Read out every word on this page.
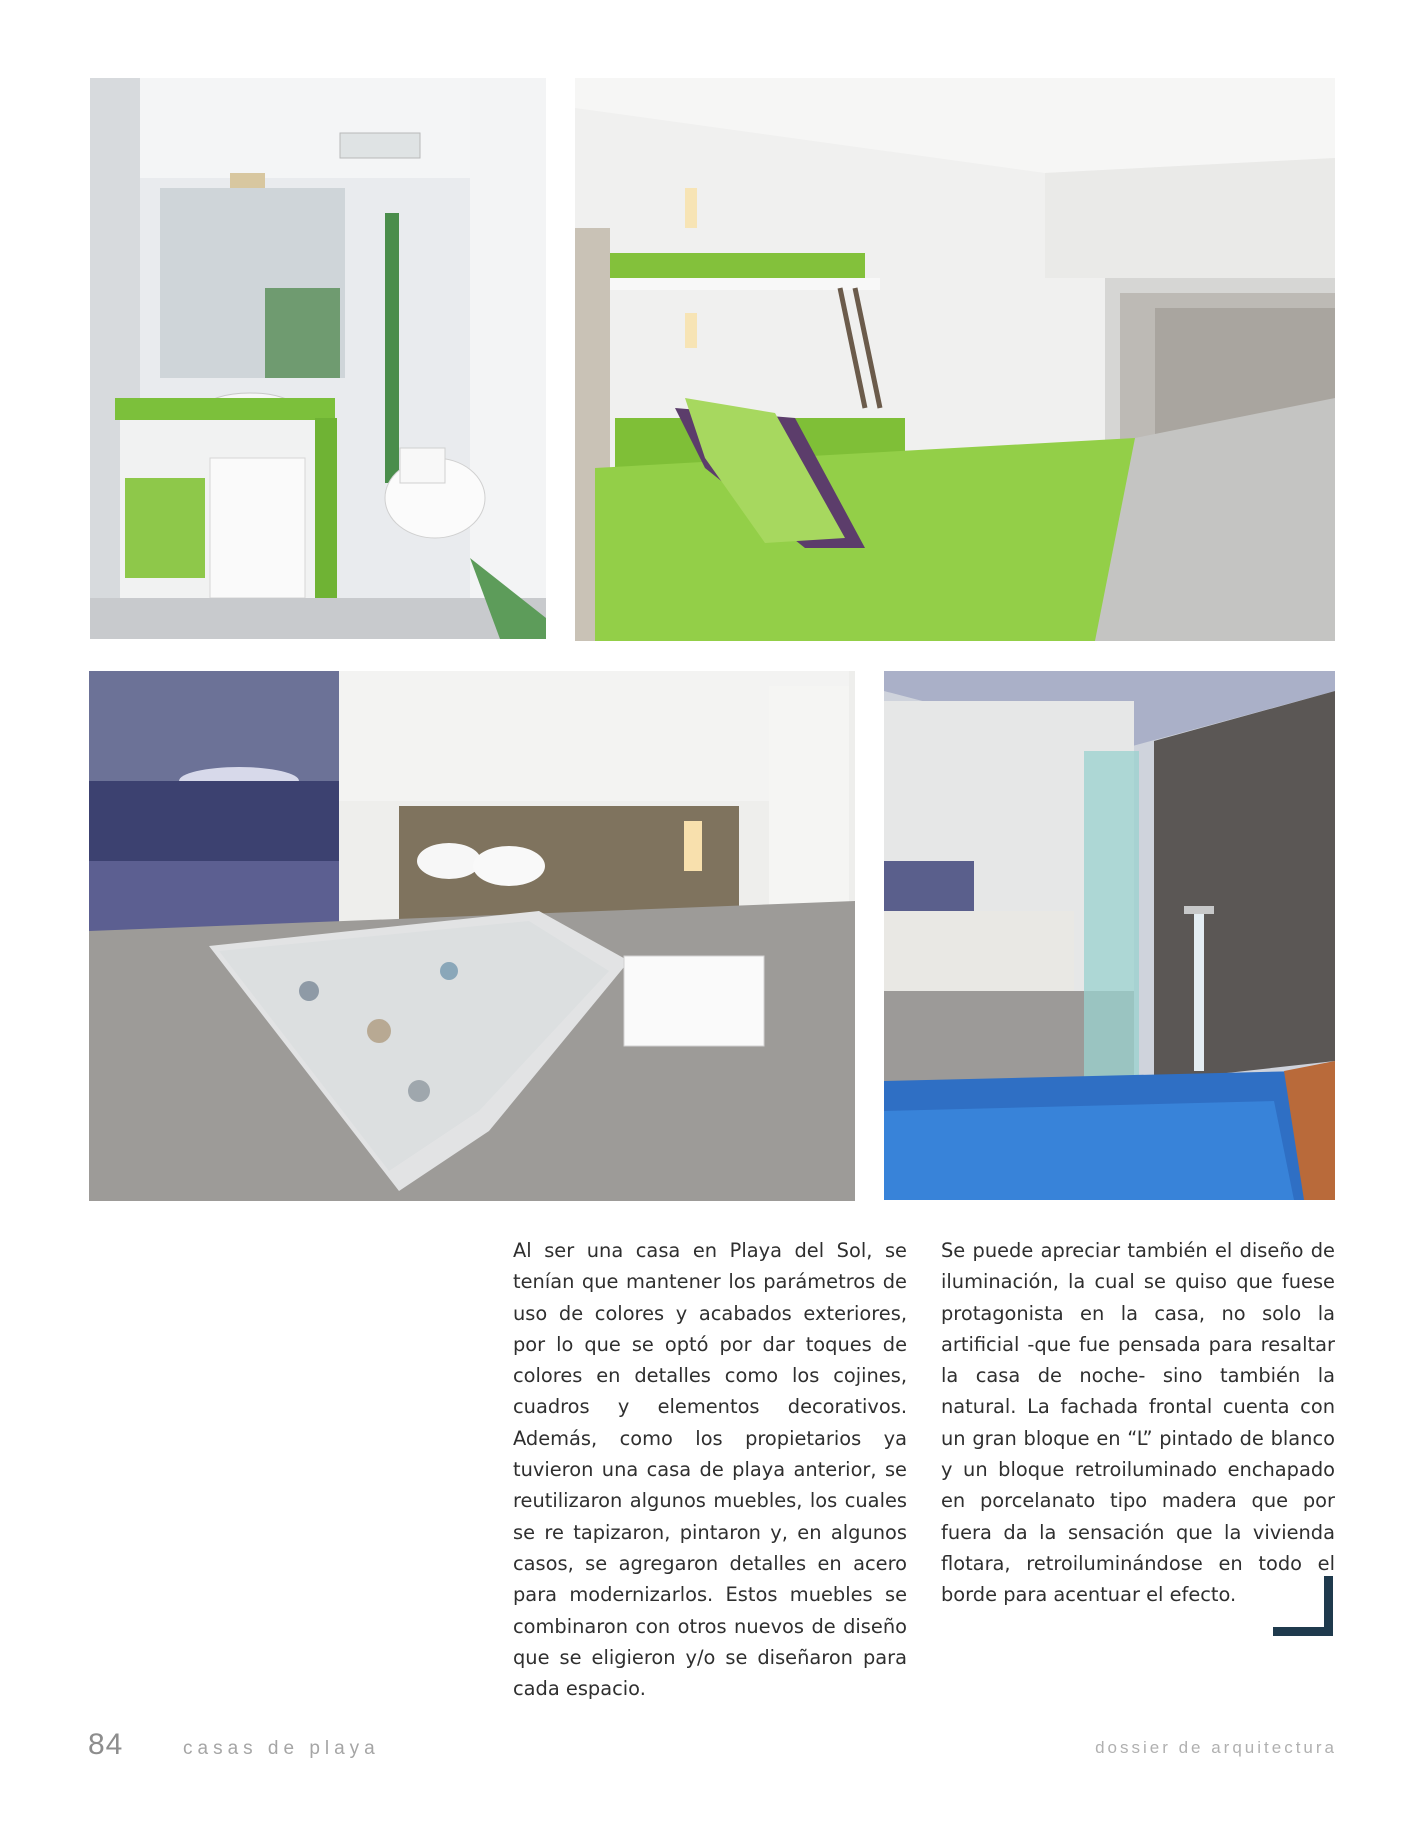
Al ser una casa en Playa del Sol, se tenían que mantener los parámetros de uso de colores y acabados exteriores, por lo que se optó por dar toques de colores en detalles como los cojines, cuadros y elementos decorativos. Además, como los propietarios ya tuvieron una casa de playa anterior, se reutilizaron algunos muebles, los cuales se re tapizaron, pintaron y, en algunos casos, se agregaron detalles en acero para modernizarlos. Estos muebles se combinaron con otros nuevos de diseño que se eligieron y/o se diseñaron para cada espacio.
Se puede apreciar también el diseño de iluminación, la cual se quiso que fuese protagonista en la casa, no solo la artificial -que fue pensada para resaltar la casa de noche- sino también la natural. La fachada frontal cuenta con un gran bloque en “L” pintado de blanco y un bloque retroiluminado enchapado en porcelanato tipo madera que por fuera da la sensación que la vivienda flotara, retroiluminándose en todo el borde para acentuar el efecto.
84	casas de playa	dossier de arquitectura
